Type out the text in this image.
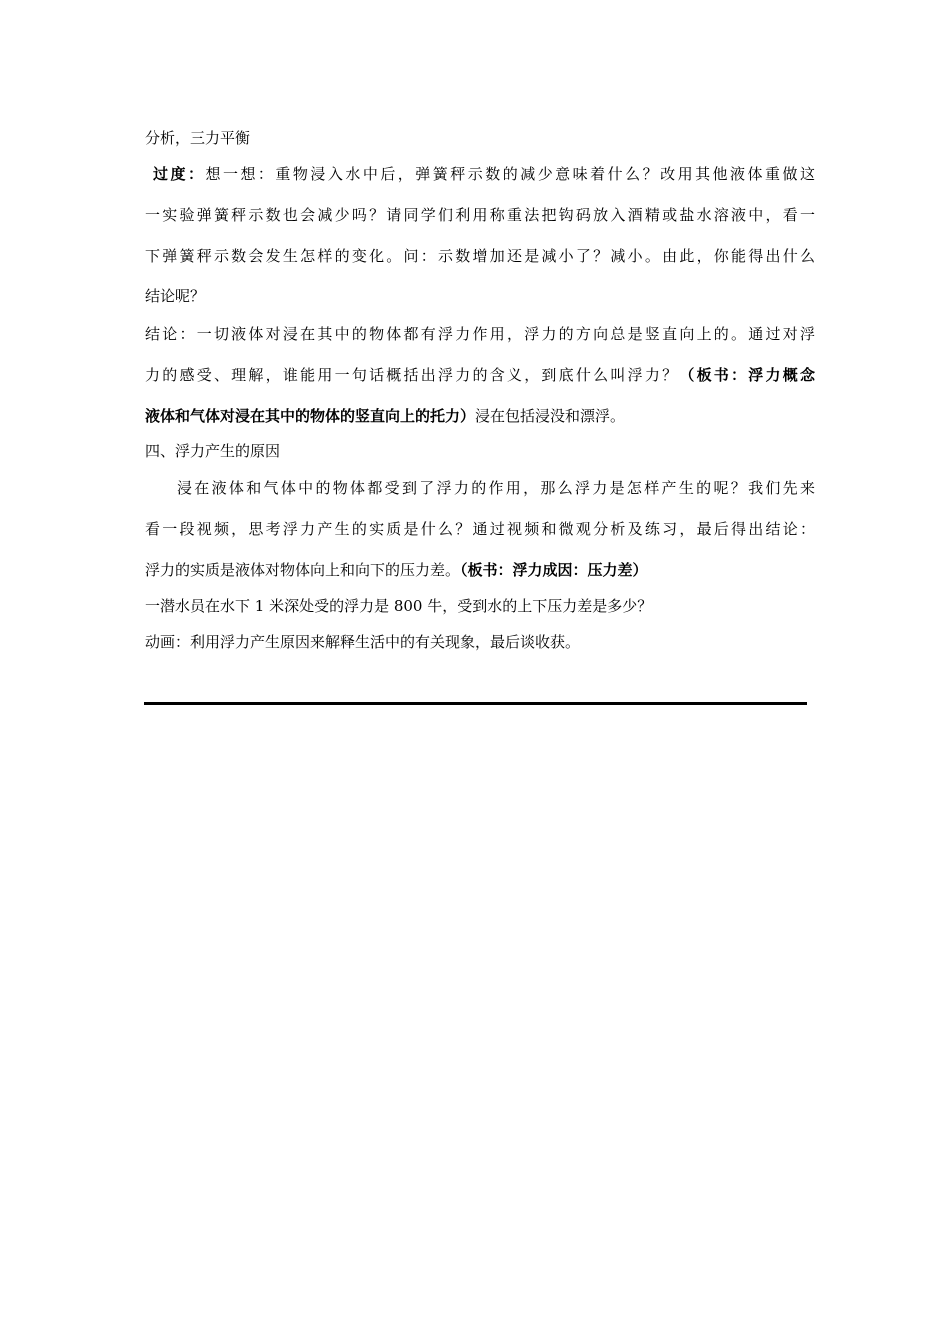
分析，三力平衡
过度：想一想：重物浸入水中后，弹簧秤示数的减少意味着什么？改用其他液体重做这
一实验弹簧秤示数也会减少吗？请同学们利用称重法把钩码放入酒精或盐水溶液中，看一
下弹簧秤示数会发生怎样的变化。问：示数增加还是减小了？减小。由此，你能得出什么
结论呢？
结论：一切液体对浸在其中的物体都有浮力作用，浮力的方向总是竖直向上的。通过对浮
力的感受、理解，谁能用一句话概括出浮力的含义，到底什么叫浮力？（板书：浮力概念
液体和气体对浸在其中的物体的竖直向上的托力）浸在包括浸没和漂浮。
四、浮力产生的原因
浸在液体和气体中的物体都受到了浮力的作用，那么浮力是怎样产生的呢？我们先来
看一段视频，思考浮力产生的实质是什么？通过视频和微观分析及练习，最后得出结论：
浮力的实质是液体对物体向上和向下的压力差。（板书：浮力成因：压力差）
一潜水员在水下 1 米深处受的浮力是 800 牛，受到水的上下压力差是多少？
动画：利用浮力产生原因来解释生活中的有关现象，最后谈收获。
